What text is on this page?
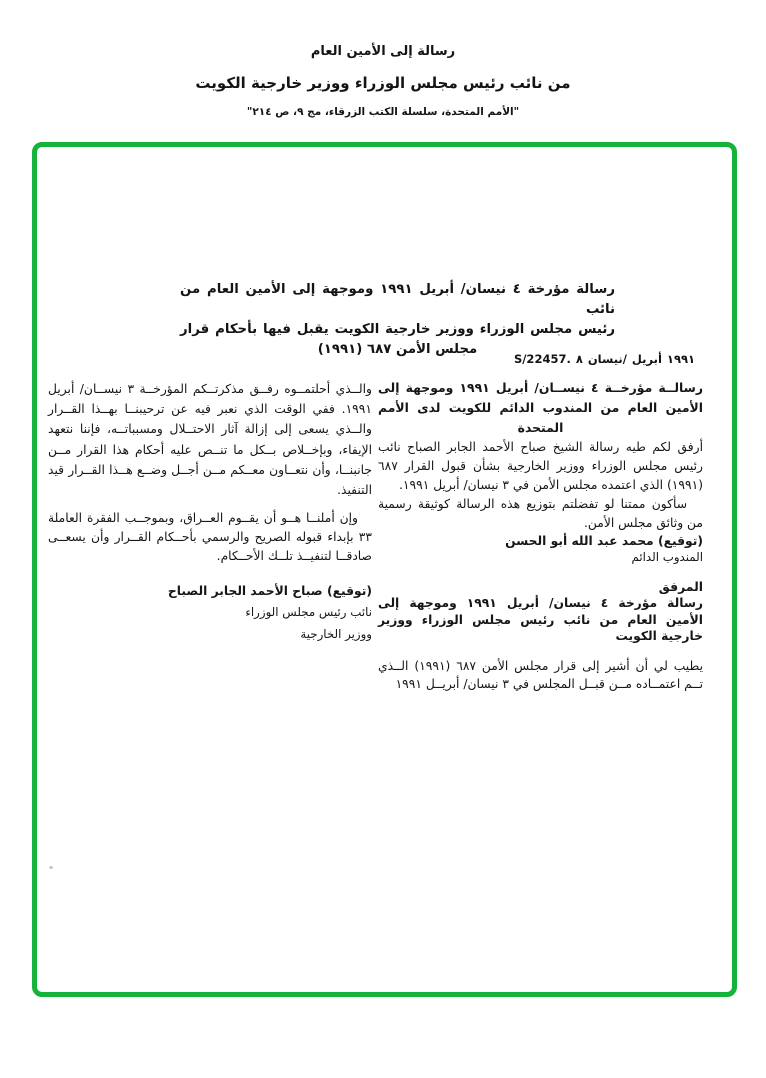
رسالة إلى الأمين العام
من نائب رئيس مجلس الوزراء ووزير خارجية الكويت
"الأمم المتحدة، سلسلة الكتب الزرقاء، مج ٩، ص ٢١٤"
رسالة مؤرخة ٤ نيسان/ أبريل ١٩٩١ وموجهة إلى الأمين العام من نائب
رئيس مجلس الوزراء ووزير خارجية الكويت يقبل فيها بأحكام قرار
مجلس الأمن ٦٨٧ (١٩٩١)
S/22457. ٨ نيسان/ أبريل ١٩٩١

رسالــة مؤرخــة ٤ نيســان/ أبريل ١٩٩١ وموجهة إلى الأمين العام من المندوب الدائم للكويت لدى الأمم المتحدة

أرفق لكم طيه رسالة الشيخ صباح الأحمد الجابر الصباح نائب رئيس مجلس الوزراء ووزير الخارجية بشأن قبول القرار ٦٨٧ (١٩٩١) الذي اعتمده مجلس الأمن في ٣ نيسان/ أبريل ١٩٩١.

سأكون ممتنا لو تفضلتم بتوزيع هذه الرسالة كوثيقة رسمية من وثائق مجلس الأمن.

(توقيع) محمد عبد الله أبو الحسن
المندوب الدائم
المرفق

رسالة مؤرخة ٤ نيسان/ أبريل ١٩٩١ وموجهة إلى الأمين العام من نائب رئيس مجلس الوزراء ووزير خارجية الكويت

يطيب لي أن أشير إلى قرار مجلس الأمن ٦٨٧ (١٩٩١) الــذي تــم اعتمــاده مــن قبــل المجلس في ٣ نيسان/ أبريــل ١٩٩١

والــذي أحلتمــوه رفــق مذكرتــكم المؤرخــة ٣ نيســان/ أبريل ١٩٩١. ففي الوقت الذي نعبر فيه عن ترحيبنــا بهــذا القــرار والــذي يسعى إلى إزالة آثار الاحتــلال ومسبباتــه، فإننا نتعهد الإيفاء، وبإخــلاص بــكل ما تنــص عليه أحكام هذا القرار مــن جانبنــا، وأن نتعــاون معــكم مــن أجــل وضــع هــذا القــرار قيد التنفيذ.

وإن أملنــا هــو أن يقــوم العــراق، وبموجــب الفقرة العاملة ٣٣ بإبداء قبوله الصريح والرسمي بأحــكام القــرار وأن يسعــى صادقــا لتنفيــذ تلــك الأحــكام.

(توقيع) صباح الأحمد الجابر الصباح
نائب رئيس مجلس الوزراء
ووزير الخارجية
